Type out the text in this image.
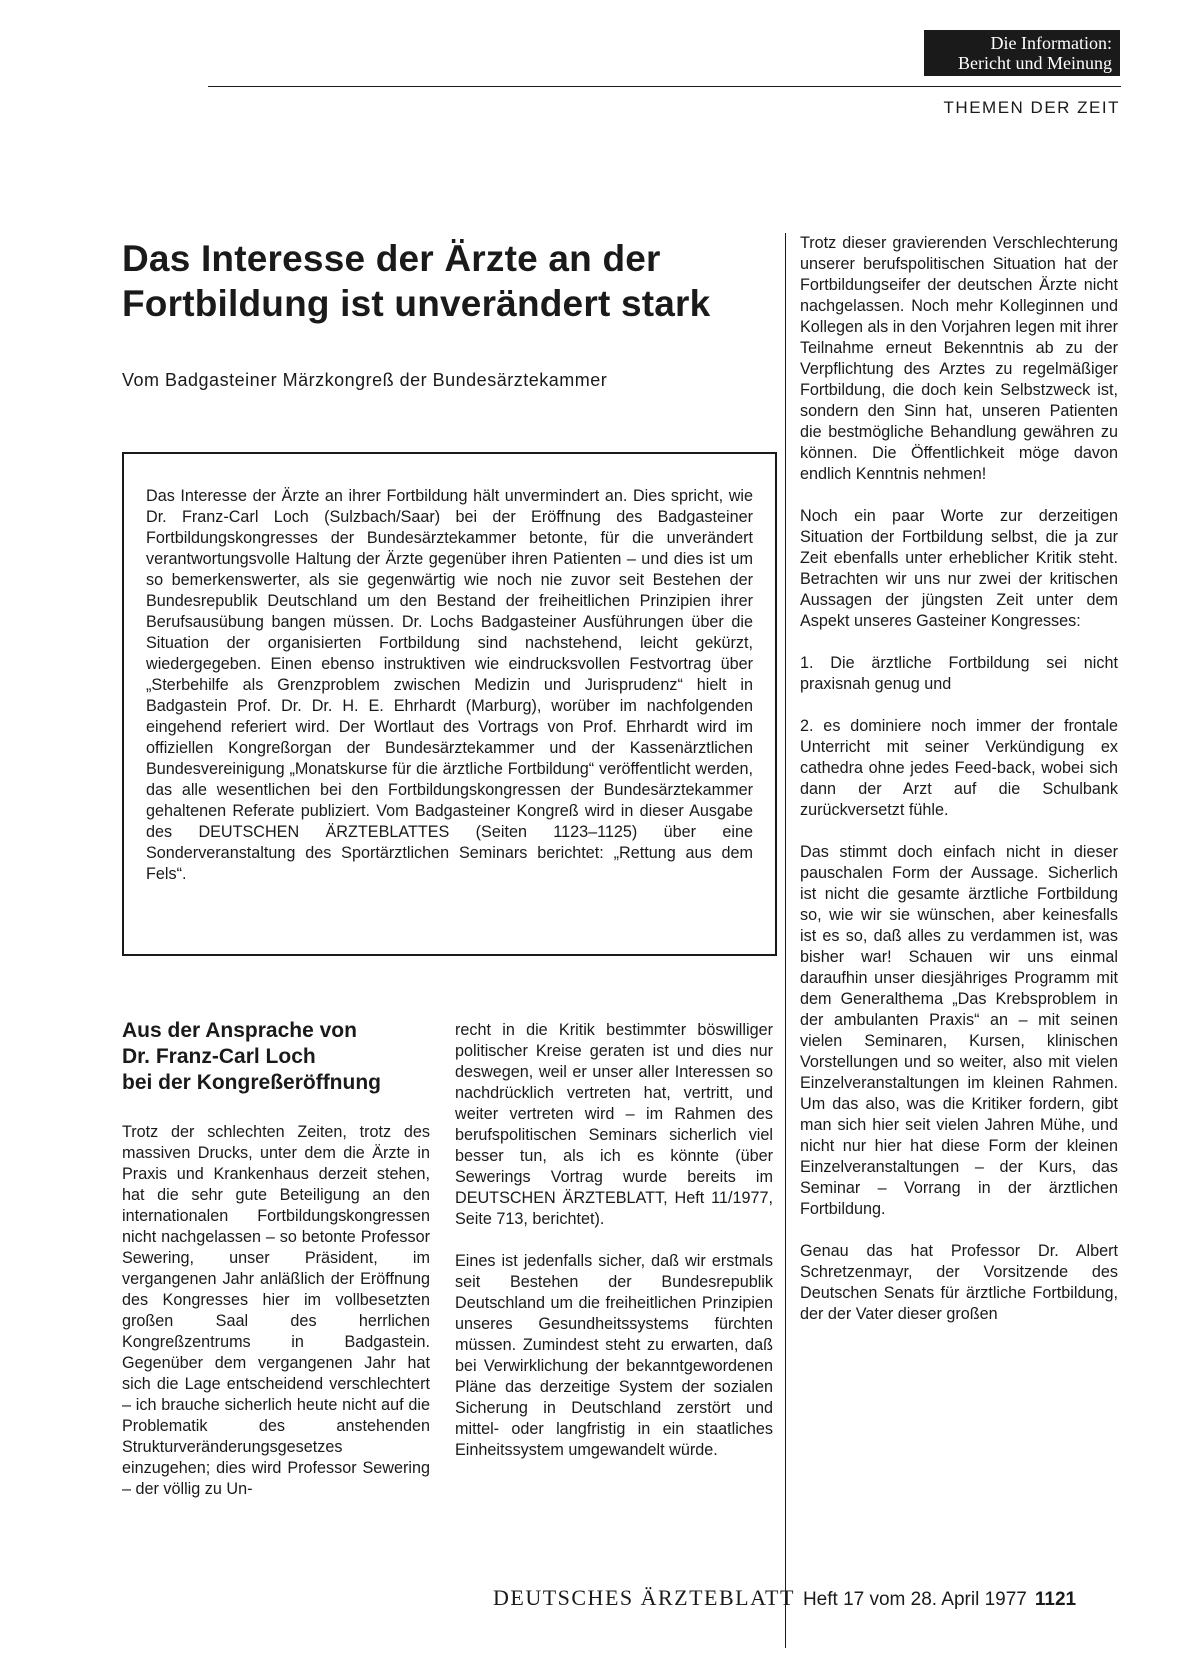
Die Information:
Bericht und Meinung
THEMEN DER ZEIT
Das Interesse der Ärzte an der Fortbildung ist unverändert stark

Vom Badgasteiner Märzkongreß der Bundesärztekammer

Das Interesse der Ärzte an ihrer Fortbildung hält unvermindert an. Dies spricht, wie Dr. Franz-Carl Loch (Sulzbach/Saar) bei der Eröffnung des Badgasteiner Fortbildungskongresses der Bundesärztekammer betonte, für die unverändert verantwortungsvolle Haltung der Ärzte gegenüber ihren Patienten – und dies ist um so bemerkenswerter, als sie gegenwärtig wie noch nie zuvor seit Bestehen der Bundesrepublik Deutschland um den Bestand der freiheitlichen Prinzipien ihrer Berufsausübung bangen müssen. Dr. Lochs Badgasteiner Ausführungen über die Situation der organisierten Fortbildung sind nachstehend, leicht gekürzt, wiedergegeben. Einen ebenso instruktiven wie eindrucksvollen Festvortrag über „Sterbehilfe als Grenzproblem zwischen Medizin und Jurisprudenz“ hielt in Badgastein Prof. Dr. Dr. H. E. Ehrhardt (Marburg), worüber im nachfolgenden eingehend referiert wird. Der Wortlaut des Vortrags von Prof. Ehrhardt wird im offiziellen Kongreßorgan der Bundesärztekammer und der Kassenärztlichen Bundesvereinigung „Monatskurse für die ärztliche Fortbildung“ veröffentlicht werden, das alle wesentlichen bei den Fortbildungskongressen der Bundesärztekammer gehaltenen Referate publiziert. Vom Badgasteiner Kongreß wird in dieser Ausgabe des DEUTSCHEN ÄRZTEBLATTES (Seiten 1123–1125) über eine Sonderveranstaltung des Sportärztlichen Seminars berichtet: „Rettung aus dem Fels“.

Trotz dieser gravierenden Verschlechterung unserer berufspolitischen Situation hat der Fortbildungseifer der deutschen Ärzte nicht nachgelassen. Noch mehr Kolleginnen und Kollegen als in den Vorjahren legen mit ihrer Teilnahme erneut Bekenntnis ab zu der Verpflichtung des Arztes zu regelmäßiger Fortbildung, die doch kein Selbstzweck ist, sondern den Sinn hat, unseren Patienten die bestmögliche Behandlung gewähren zu können. Die Öffentlichkeit möge davon endlich Kenntnis nehmen!

Noch ein paar Worte zur derzeitigen Situation der Fortbildung selbst, die ja zur Zeit ebenfalls unter erheblicher Kritik steht. Betrachten wir uns nur zwei der kritischen Aussagen der jüngsten Zeit unter dem Aspekt unseres Gasteiner Kongresses:

1. Die ärztliche Fortbildung sei nicht praxisnah genug und

2. es dominiere noch immer der frontale Unterricht mit seiner Verkündigung ex cathedra ohne jedes Feed-back, wobei sich dann der Arzt auf die Schulbank zurückversetzt fühle.

Das stimmt doch einfach nicht in dieser pauschalen Form der Aussage. Sicherlich ist nicht die gesamte ärztliche Fortbildung so, wie wir sie wünschen, aber keinesfalls ist es so, daß alles zu verdammen ist, was bisher war! Schauen wir uns einmal daraufhin unser diesjähriges Programm mit dem Generalthema „Das Krebsproblem in der ambulanten Praxis“ an – mit seinen vielen Seminaren, Kursen, klinischen Vorstellungen und so weiter, also mit vielen Einzelveranstaltungen im kleinen Rahmen. Um das also, was die Kritiker fordern, gibt man sich hier seit vielen Jahren Mühe, und nicht nur hier hat diese Form der kleinen Einzelveranstaltungen – der Kurs, das Seminar – Vorrang in der ärztlichen Fortbildung.

Genau das hat Professor Dr. Albert Schretzenmayr, der Vorsitzende des Deutschen Senats für ärztliche Fortbildung, der der Vater dieser großen

Aus der Ansprache von
Dr. Franz-Carl Loch
bei der Kongreßeröffnung

Trotz der schlechten Zeiten, trotz des massiven Drucks, unter dem die Ärzte in Praxis und Krankenhaus derzeit stehen, hat die sehr gute Beteiligung an den internationalen Fortbildungskongressen nicht nachgelassen – so betonte Professor Sewering, unser Präsident, im vergangenen Jahr anläßlich der Eröffnung des Kongresses hier im vollbesetzten großen Saal des herrlichen Kongreßzentrums in Badgastein. Gegenüber dem vergangenen Jahr hat sich die Lage entscheidend verschlechtert – ich brauche sicherlich heute nicht auf die Problematik des anstehenden Strukturveränderungsgesetzes einzugehen; dies wird Professor Sewering – der völlig zu Un-

recht in die Kritik bestimmter böswilliger politischer Kreise geraten ist und dies nur deswegen, weil er unser aller Interessen so nachdrücklich vertreten hat, vertritt, und weiter vertreten wird – im Rahmen des berufspolitischen Seminars sicherlich viel besser tun, als ich es könnte (über Sewerings Vortrag wurde bereits im DEUTSCHEN ÄRZTEBLATT, Heft 11/1977, Seite 713, berichtet).

Eines ist jedenfalls sicher, daß wir erstmals seit Bestehen der Bundesrepublik Deutschland um die freiheitlichen Prinzipien unseres Gesundheitssystems fürchten müssen. Zumindest steht zu erwarten, daß bei Verwirklichung der bekanntgewordenen Pläne das derzeitige System der sozialen Sicherung in Deutschland zerstört und mittel- oder langfristig in ein staatliches Einheitssystem umgewandelt würde.

DEUTSCHES ÄRZTEBLATT Heft 17 vom 28. April 1977 1121
